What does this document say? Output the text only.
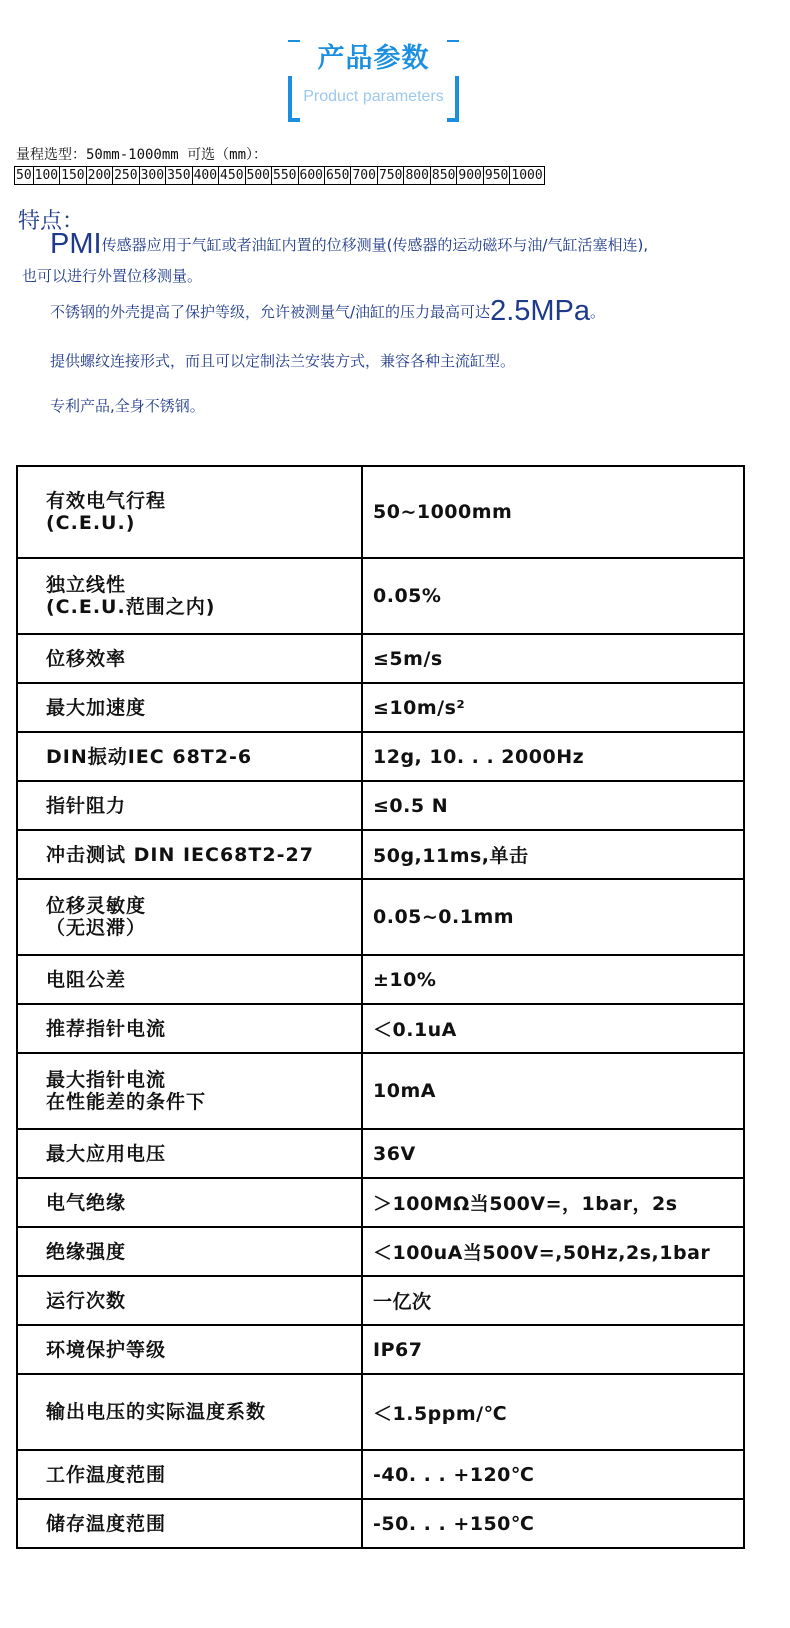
产品参数
Product parameters
量程选型：50mm-1000mm 可选（mm）：
50	100	150	200	250	300	350	400	450	500	550	600	650	700	750	800	850	900	950	1000
特点：
PMI传感器应用于气缸或者油缸内置的位移测量(传感器的运动磁环与油/气缸活塞相连),
也可以进行外置位移测量。
不锈钢的外壳提高了保护等级，允许被测量气/油缸的压力最高可达2.5MPa。
提供螺纹连接形式，而且可以定制法兰安装方式，兼容各种主流缸型。
专利产品,全身不锈钢。
有效电气行程
(C.E.U.)	50~1000mm

独立线性
(C.E.U.范围之内)	0.05%

位移效率	≤5m/s

最大加速度	≤10m/s²

DIN振动IEC 68T2-6	12g, 10. . . 2000Hz

指针阻力	≤0.5 N

冲击测试 DIN IEC68T2-27	50g,11ms,单击

位移灵敏度
（无迟滞）	0.05~0.1mm

电阻公差	±10%

推荐指针电流	＜0.1uA

最大指针电流
在性能差的条件下	10mA

最大应用电压	36V

电气绝缘	＞100MΩ当500V=，1bar，2s

绝缘强度	＜100uA当500V=,50Hz,2s,1bar

运行次数	一亿次

环境保护等级	IP67

输出电压的实际温度系数	＜1.5ppm/℃

工作温度范围	-40. . . +120℃

储存温度范围	-50. . . +150℃
